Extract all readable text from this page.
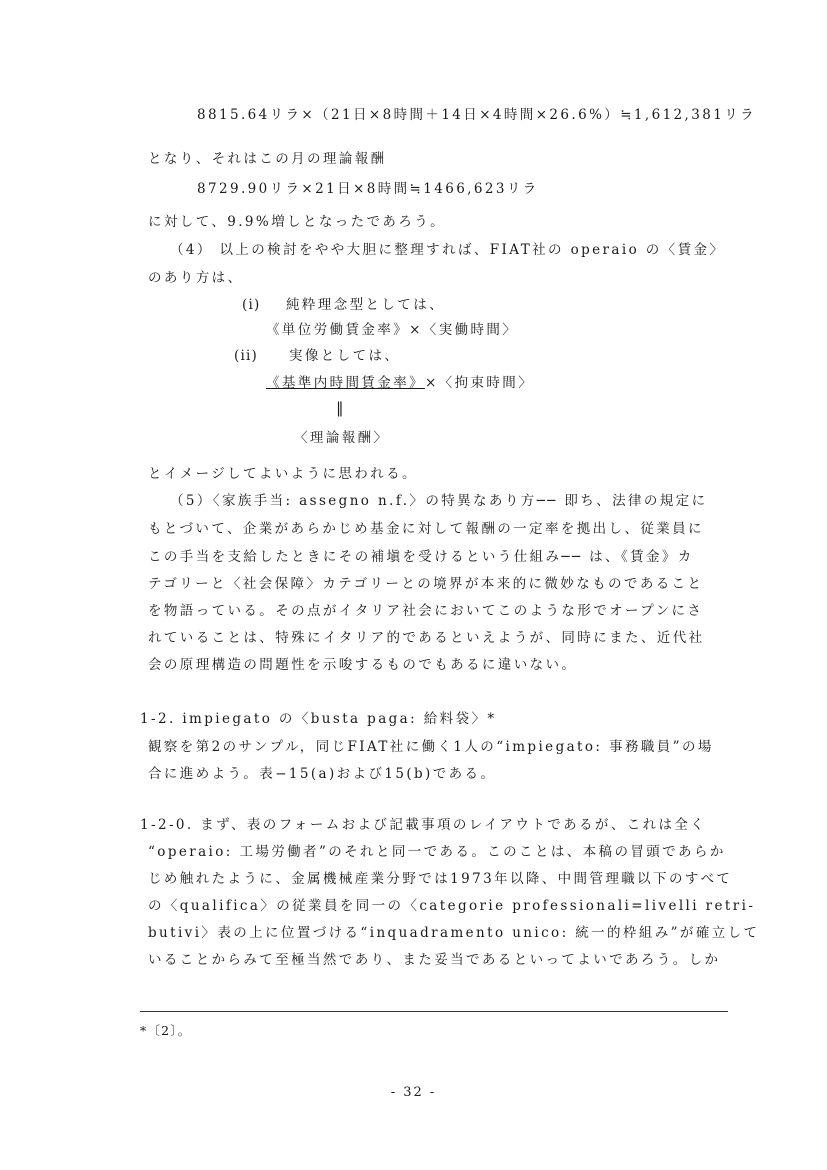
8815.64リラ×（21日×8時間＋14日×4時間×26.6%）≒1,612,381リラ
となり、それはこの月の理論報酬
8729.90リラ×21日×8時間≒1466,623リラ
に対して、9.9%増しとなったであろう。
（4） 以上の検討をやや大胆に整理すれば、FIAT社の operaio の〈賃金〉
のあり方は、
(i) 純粋理念型としては、
《単位労働賃金率》×〈実働時間〉
(ii) 実像としては、
《基準内時間賃金率》×〈拘束時間〉
‖
〈理論報酬〉
とイメージしてよいように思われる。
（5）〈家族手当: assegno n.f.〉の特異なあり方── 即ち、法律の規定に
もとづいて、企業があらかじめ基金に対して報酬の一定率を拠出し、従業員に
この手当を支給したときにその補塡を受けるという仕組み── は、《賃金》カ
テゴリーと〈社会保障〉カテゴリーとの境界が本来的に微妙なものであること
を物語っている。その点がイタリア社会においてこのような形でオープンにさ
れていることは、特殊にイタリア的であるといえようが、同時にまた、近代社
会の原理構造の問題性を示唆するものでもあるに違いない。
1-2. impiegato の〈busta paga: 給料袋〉*
観察を第2のサンプル，同じFIAT社に働く1人の“impiegato: 事務職員”の場
合に進めよう。表−15(a)および15(b)である。
1-2-0. まず、表のフォームおよび記載事項のレイアウトであるが、これは全く
“operaio: 工場労働者”のそれと同一である。このことは、本稿の冒頭であらか
じめ触れたように、金属機械産業分野では1973年以降、中間管理職以下のすべて
の〈qualifica〉の従業員を同一の〈categorie professionali=livelli retri-
butivi〉表の上に位置づける“inquadramento unico: 統一的枠組み”が確立して
いることからみて至極当然であり、また妥当であるといってよいであろう。しか
*〔2〕。
- 32 -
